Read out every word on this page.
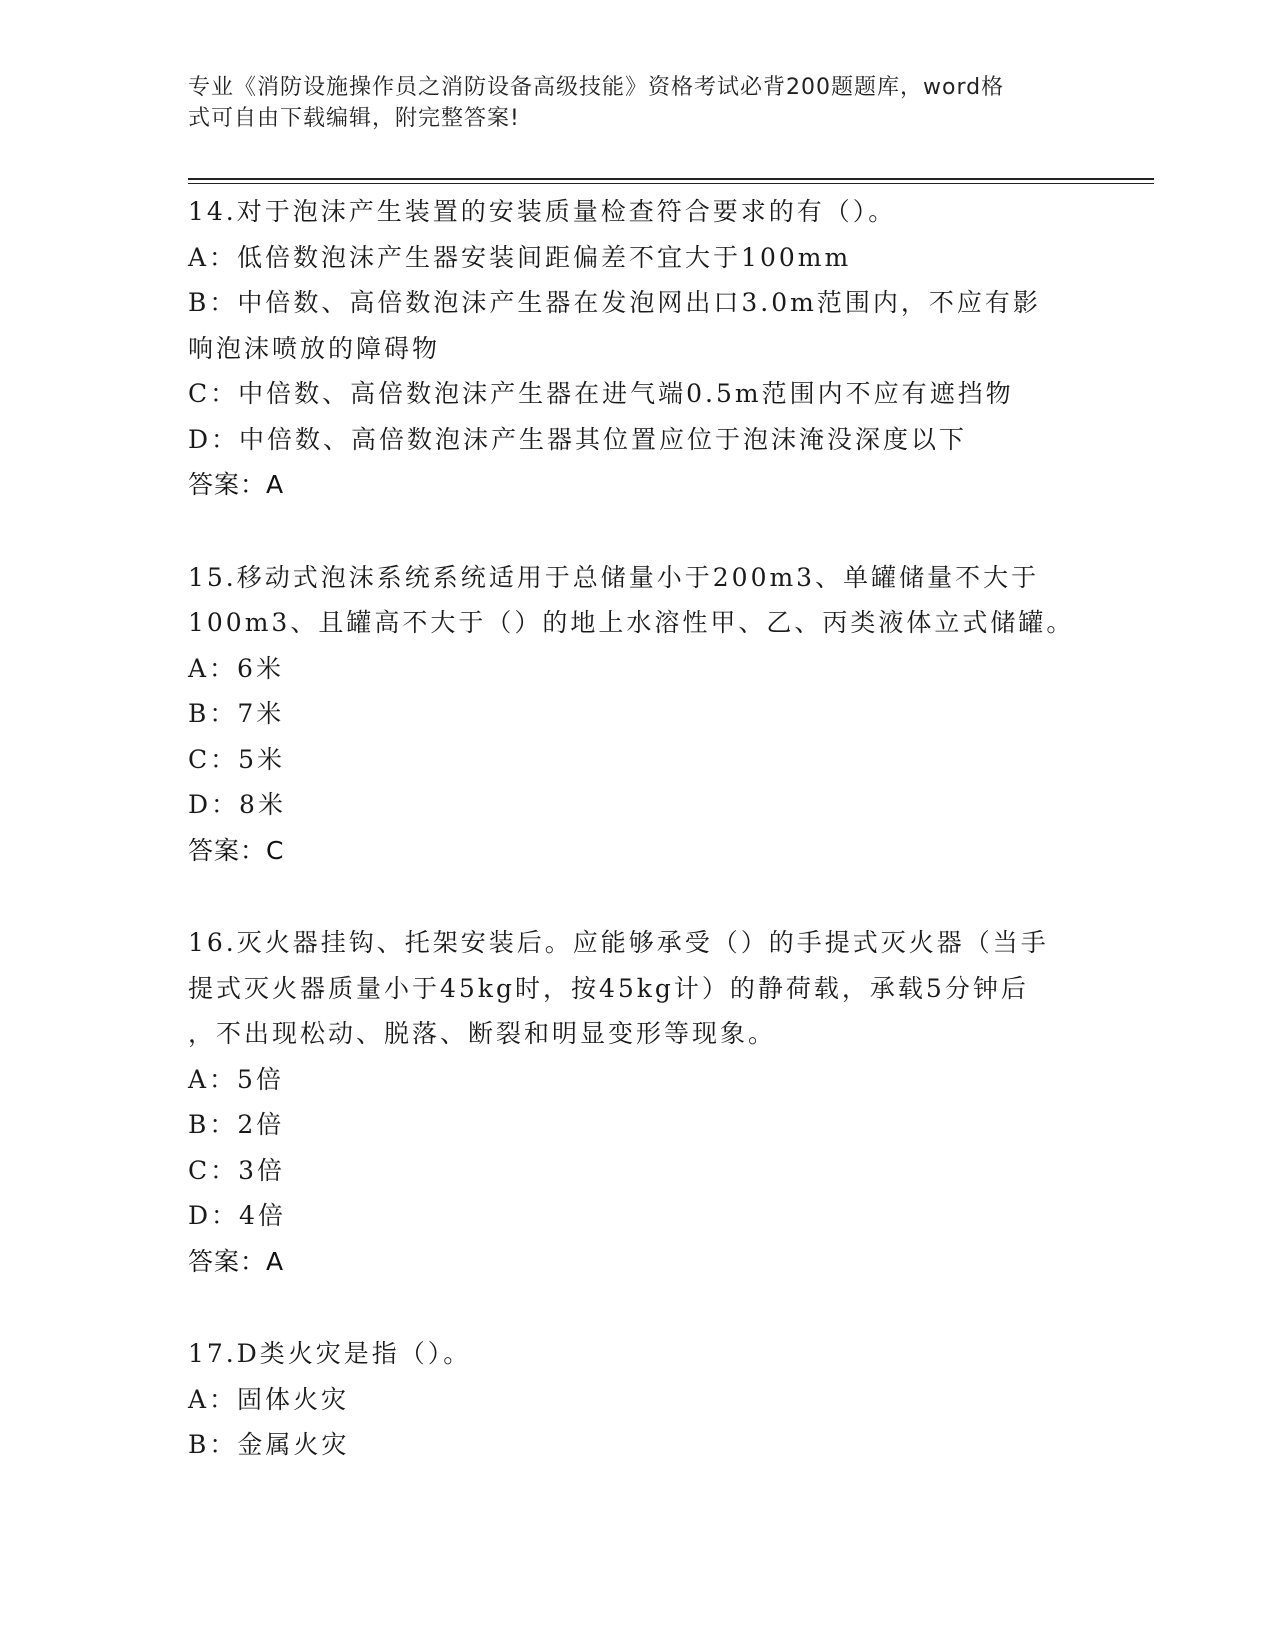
专业《消防设施操作员之消防设备高级技能》资格考试必背200题题库，word格
式可自由下载编辑，附完整答案!
14.对于泡沫产生装置的安装质量检查符合要求的有（）。
A：低倍数泡沫产生器安装间距偏差不宜大于100mm
B：中倍数、高倍数泡沫产生器在发泡网出口3.0m范围内，不应有影
响泡沫喷放的障碍物
C：中倍数、高倍数泡沫产生器在进气端0.5m范围内不应有遮挡物
D：中倍数、高倍数泡沫产生器其位置应位于泡沫淹没深度以下
答案：A
15.移动式泡沫系统系统适用于总储量小于200m3、单罐储量不大于
100m3、且罐高不大于（）的地上水溶性甲、乙、丙类液体立式储罐。
A：6米
B：7米
C：5米
D：8米
答案：C
16.灭火器挂钩、托架安装后。应能够承受（）的手提式灭火器（当手
提式灭火器质量小于45kg时，按45kg计）的静荷载，承载5分钟后
，不出现松动、脱落、断裂和明显变形等现象。
A：5倍
B：2倍
C：3倍
D：4倍
答案：A
17.D类火灾是指（）。
A：固体火灾
B：金属火灾
